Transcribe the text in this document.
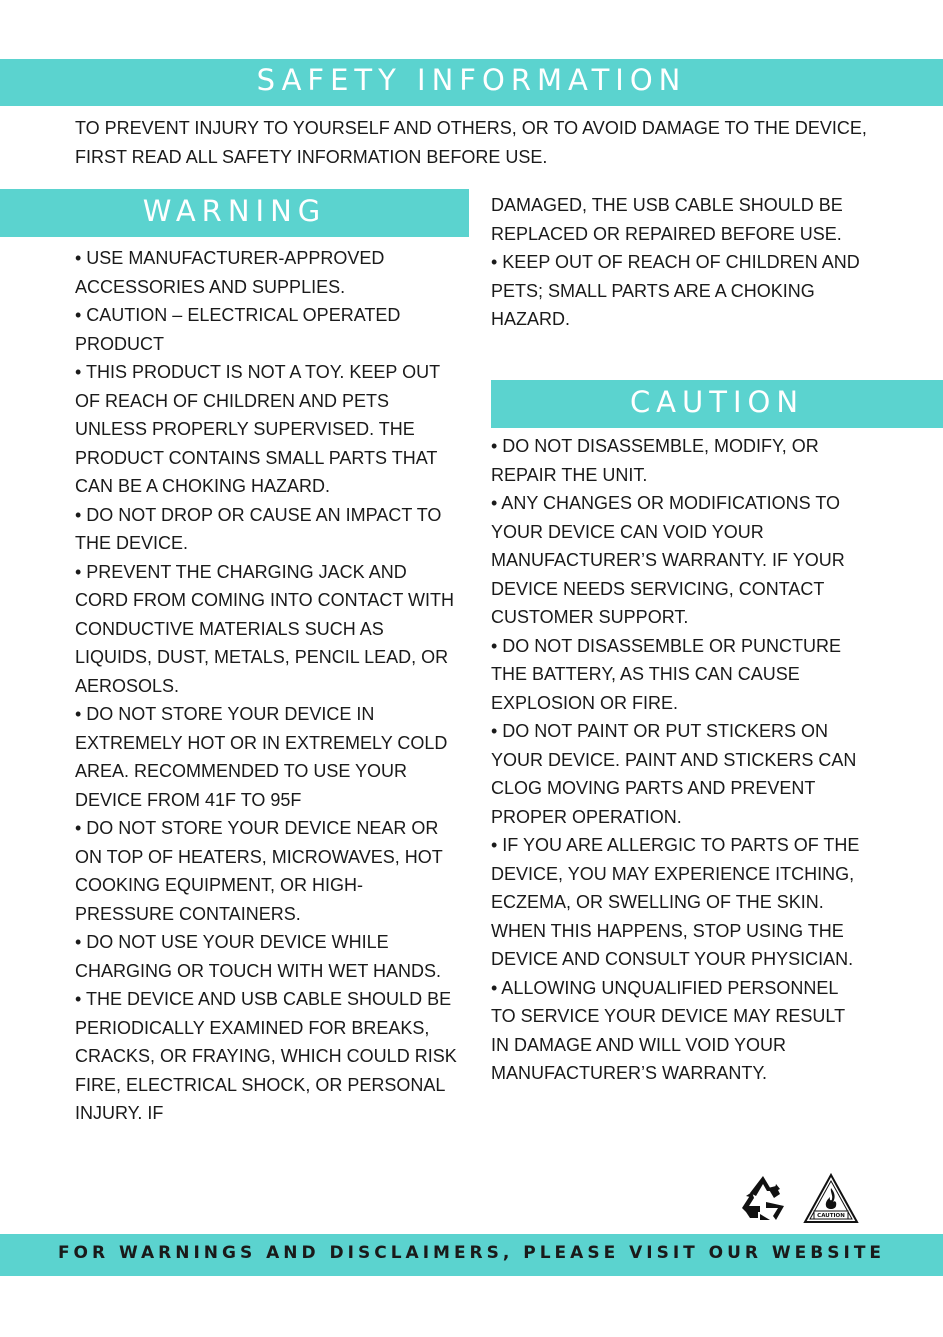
SAFETY INFORMATION
TO PREVENT INJURY TO YOURSELF AND OTHERS, OR TO AVOID DAMAGE TO THE DEVICE, FIRST READ ALL SAFETY INFORMATION BEFORE USE.
WARNING

• USE MANUFACTURER-APPROVED ACCESSORIES AND SUPPLIES.

• CAUTION – ELECTRICAL OPERATED PRODUCT

• THIS PRODUCT IS NOT A TOY. KEEP OUT OF REACH OF CHILDREN AND PETS UNLESS PROPERLY SUPERVISED. THE PRODUCT CONTAINS SMALL PARTS THAT CAN BE A CHOKING HAZARD.

• DO NOT DROP OR CAUSE AN IMPACT TO THE DEVICE.

• PREVENT THE CHARGING JACK AND CORD FROM COMING INTO CONTACT WITH CONDUCTIVE MATERIALS SUCH AS LIQUIDS, DUST, METALS, PENCIL LEAD, OR AEROSOLS.

• DO NOT STORE YOUR DEVICE IN EXTREMELY HOT OR IN EXTREMELY COLD AREA. RECOMMENDED TO USE YOUR DEVICE FROM 41F TO 95F

• DO NOT STORE YOUR DEVICE NEAR OR ON TOP OF HEATERS, MICROWAVES, HOT COOKING EQUIPMENT, OR HIGH-PRESSURE CONTAINERS.

• DO NOT USE YOUR DEVICE WHILE CHARGING OR TOUCH WITH WET HANDS.

• THE DEVICE AND USB CABLE SHOULD BE PERIODICALLY EXAMINED FOR BREAKS, CRACKS, OR FRAYING, WHICH COULD RISK FIRE, ELECTRICAL SHOCK, OR PERSONAL INJURY. IF

DAMAGED, THE USB CABLE SHOULD BE REPLACED OR REPAIRED BEFORE USE.

• KEEP OUT OF REACH OF CHILDREN AND PETS; SMALL PARTS ARE A CHOKING HAZARD.

CAUTION

• DO NOT DISASSEMBLE, MODIFY, OR REPAIR THE UNIT.

• ANY CHANGES OR MODIFICATIONS TO YOUR DEVICE CAN VOID YOUR MANUFACTURER’S WARRANTY. IF YOUR DEVICE NEEDS SERVICING, CONTACT CUSTOMER SUPPORT.

• DO NOT DISASSEMBLE OR PUNCTURE THE BATTERY, AS THIS CAN CAUSE EXPLOSION OR FIRE.

• DO NOT PAINT OR PUT STICKERS ON YOUR DEVICE. PAINT AND STICKERS CAN CLOG MOVING PARTS AND PREVENT PROPER OPERATION.

• IF YOU ARE ALLERGIC TO PARTS OF THE DEVICE, YOU MAY EXPERIENCE ITCHING, ECZEMA, OR SWELLING OF THE SKIN. WHEN THIS HAPPENS, STOP USING THE DEVICE AND CONSULT YOUR PHYSICIAN.

• ALLOWING UNQUALIFIED PERSONNEL TO SERVICE YOUR DEVICE MAY RESULT IN DAMAGE AND WILL VOID YOUR MANUFACTURER’S WARRANTY.

CAUTION
FOR WARNINGS AND DISCLAIMERS, PLEASE VISIT OUR WEBSITE
